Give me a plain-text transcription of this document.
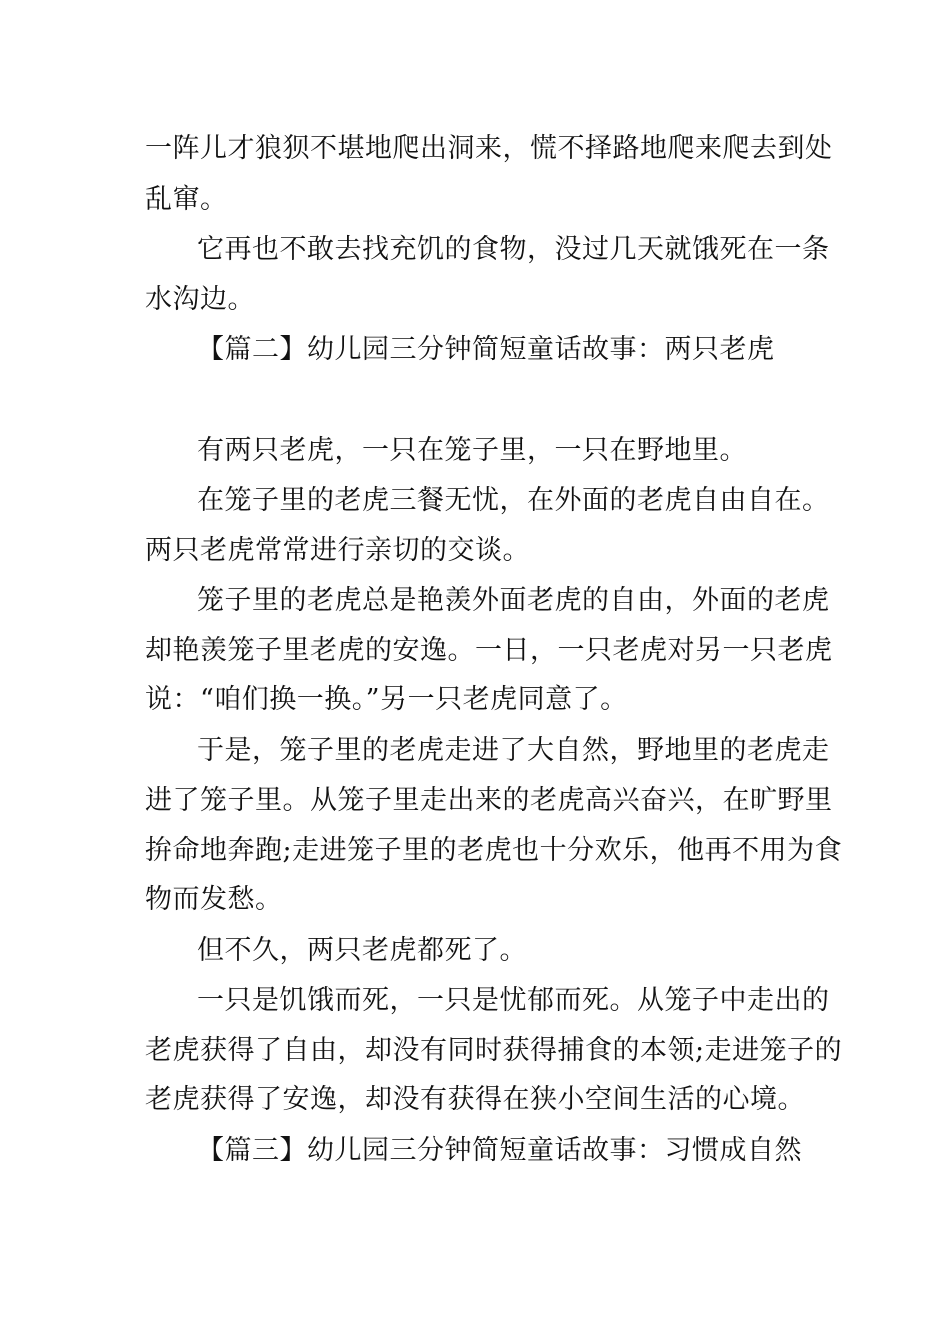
一阵儿才狼狈不堪地爬出洞来，慌不择路地爬来爬去到处
乱窜。
它再也不敢去找充饥的食物，没过几天就饿死在一条
水沟边。
【篇二】幼儿园三分钟简短童话故事：两只老虎
有两只老虎，一只在笼子里，一只在野地里。
在笼子里的老虎三餐无忧，在外面的老虎自由自在。
两只老虎常常进行亲切的交谈。
笼子里的老虎总是艳羡外面老虎的自由，外面的老虎
却艳羡笼子里老虎的安逸。一日，一只老虎对另一只老虎
说：“咱们换一换。”另一只老虎同意了。
于是，笼子里的老虎走进了大自然，野地里的老虎走
进了笼子里。从笼子里走出来的老虎高兴奋兴，在旷野里
拚命地奔跑;走进笼子里的老虎也十分欢乐，他再不用为食
物而发愁。
但不久，两只老虎都死了。
一只是饥饿而死，一只是忧郁而死。从笼子中走出的
老虎获得了自由，却没有同时获得捕食的本领;走进笼子的
老虎获得了安逸，却没有获得在狭小空间生活的心境。
【篇三】幼儿园三分钟简短童话故事：习惯成自然
